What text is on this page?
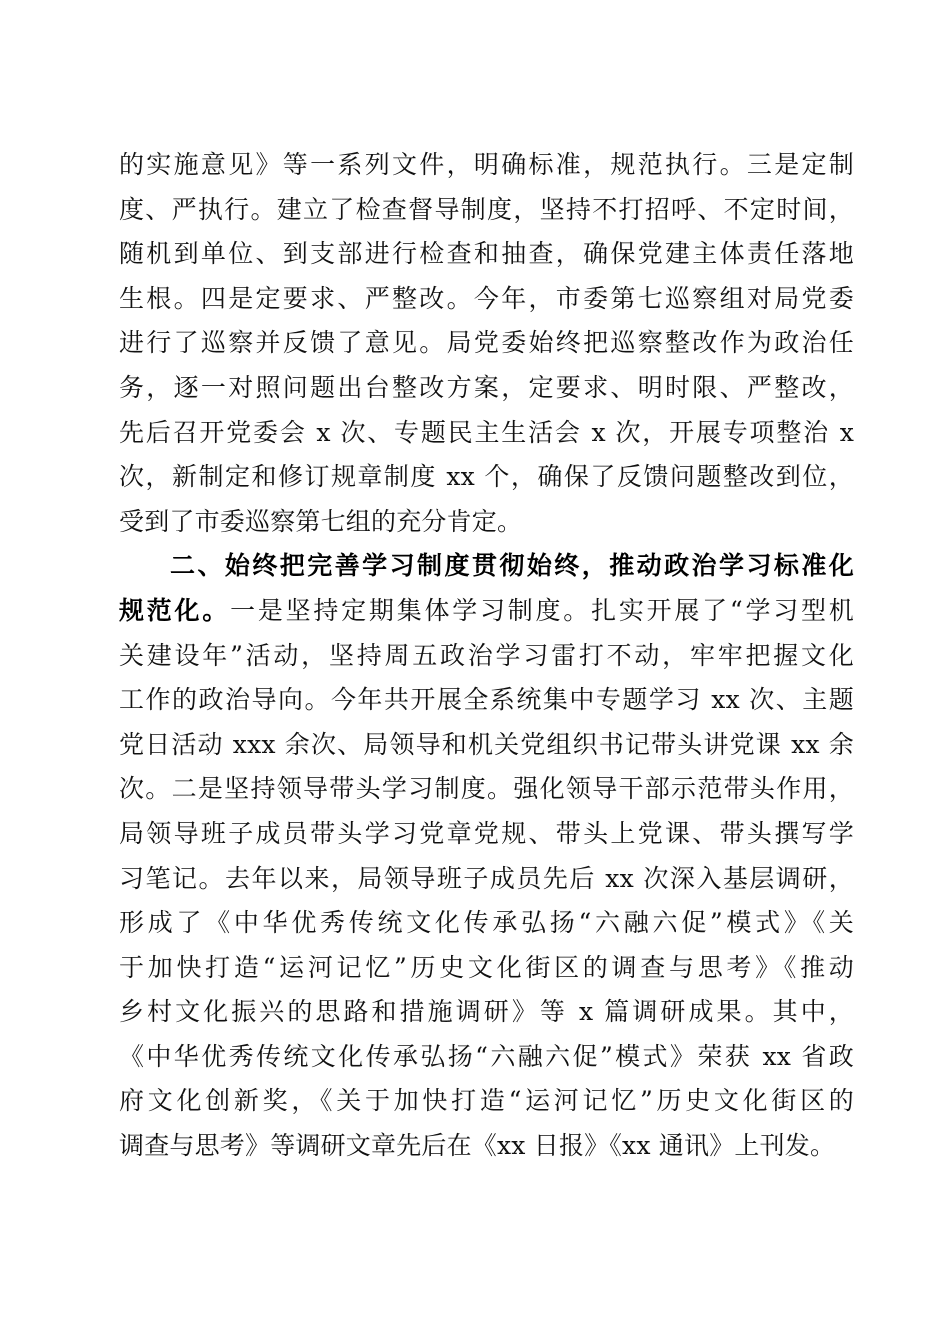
的实施意见》等一系列文件，明确标准，规范执行。三是定制
度、严执行。建立了检查督导制度，坚持不打招呼、不定时间，
随机到单位、到支部进行检查和抽查，确保党建主体责任落地
生根。四是定要求、严整改。今年，市委第七巡察组对局党委
进行了巡察并反馈了意见。局党委始终把巡察整改作为政治任
务，逐一对照问题出台整改方案，定要求、明时限、严整改，
先后召开党委会 x 次、专题民主生活会 x 次，开展专项整治 x
次，新制定和修订规章制度 xx 个，确保了反馈问题整改到位，
受到了市委巡察第七组的充分肯定。
二、始终把完善学习制度贯彻始终，推动政治学习标准化
规范化。一是坚持定期集体学习制度。扎实开展了“学习型机
关建设年”活动，坚持周五政治学习雷打不动，牢牢把握文化
工作的政治导向。今年共开展全系统集中专题学习 xx 次、主题
党日活动 xxx 余次、局领导和机关党组织书记带头讲党课 xx 余
次。二是坚持领导带头学习制度。强化领导干部示范带头作用，
局领导班子成员带头学习党章党规、带头上党课、带头撰写学
习笔记。去年以来，局领导班子成员先后 xx 次深入基层调研，
形成了《中华优秀传统文化传承弘扬“六融六促”模式》《关
于加快打造“运河记忆”历史文化街区的调查与思考》《推动
乡村文化振兴的思路和措施调研》等 x 篇调研成果。其中，
《中华优秀传统文化传承弘扬“六融六促”模式》荣获 xx 省政
府文化创新奖，《关于加快打造“运河记忆”历史文化街区的
调查与思考》等调研文章先后在《xx 日报》《xx 通讯》上刊发。
